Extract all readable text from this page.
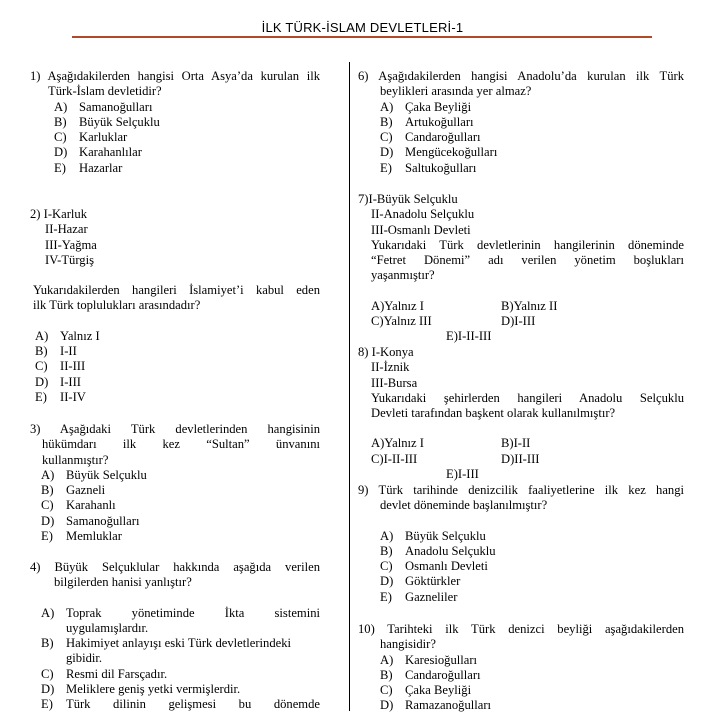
İLK TÜRK-İSLAM DEVLETLERİ-1
1) Aşağıdakilerden hangisi Orta Asya’da kurulan ilk
Türk-İslam devletidir?
A) Samanoğulları
B) Büyük Selçuklu
C) Karluklar
D) Karahanlılar
E)	Hazarlar
2) I-Karluk
II-Hazar
III-Yağma
IV-Türgiş
Yukarıdakilerden hangileri İslamiyet’i kabul eden
ilk Türk toplulukları arasındadır?
A) Yalnız I
B) I-II
C) II-III
D) I-III
E)	II-IV
3) Aşağıdaki Türk devletlerinden hangisinin
hükümdarı ilk kez “Sultan” ünvanını
kullanmıştır?
A) Büyük Selçuklu
B) Gazneli
C) Karahanlı
D) Samanoğulları
E)	Memluklar
4) Büyük Selçuklular hakkında aşağıda verilen
bilgilerden hanisi yanlıştır?
A) Toprak yönetiminde İkta sistemini
uygulamışlardır.
B) Hakimiyet anlayışı eski Türk devletlerindeki
gibidir.
C) Resmi dil Farsçadır.
D) Meliklere geniş yetki vermişlerdir.
E)	Türk dilinin gelişmesi bu dönemde
6) Aşağıdakilerden hangisi Anadolu’da kurulan ilk Türk
beylikleri arasında yer almaz?
A) Çaka Beyliği
B) Artukoğulları
C) Candaroğulları
D) Mengücekoğulları
E)	Saltukoğulları
7)I-Büyük Selçuklu
II-Anadolu Selçuklu
III-Osmanlı Devleti
Yukarıdaki Türk devletlerinin hangilerinin döneminde
“Fetret Dönemi” adı verilen yönetim boşlukları
yaşanmıştır?
A)Yalnız I	B)Yalnız II
C)Yalnız III	D)I-III
E)I-II-III
8) I-Konya
II-İznik
III-Bursa
Yukarıdaki şehirlerden hangileri Anadolu Selçuklu
Devleti tarafından başkent olarak kullanılmıştır?
A)Yalnız I	B)I-II
C)I-II-III	D)II-III
E)I-III
9) Türk tarihinde denizcilik faaliyetlerine ilk kez hangi
devlet döneminde başlanılmıştır?
A) Büyük Selçuklu
B) Anadolu Selçuklu
C) Osmanlı Devleti
D) Göktürkler
E)	Gazneliler
10) Tarihteki ilk Türk denizci beyliği aşağıdakilerden
hangisidir?
A) Karesioğulları
B) Candaroğulları
C) Çaka Beyliği
D) Ramazanoğulları
